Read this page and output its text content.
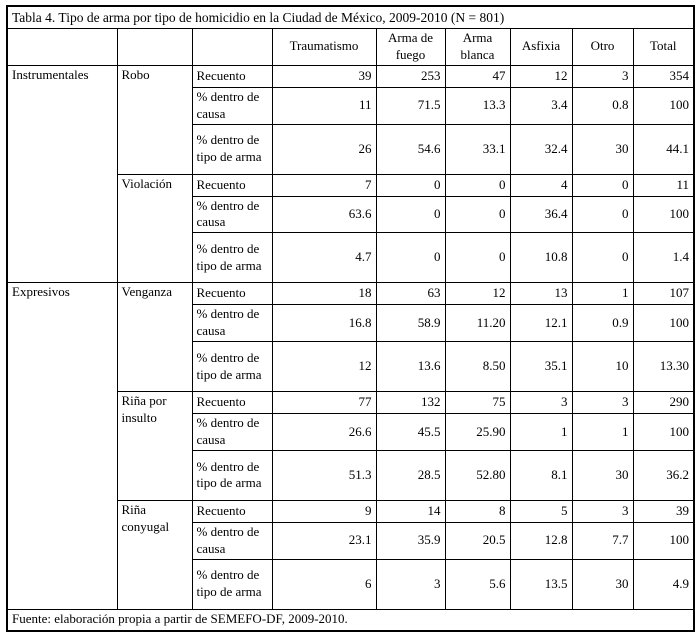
Tabla 4. Tipo de arma por tipo de homicidio en la Ciudad de México, 2009-2010 (N = 801)								
			Traumatismo	Arma de fuego	Arma blanca	Asfixia	Otro	Total
Instrumentales	Robo	Recuento	39	253	47	12	3	354
		% dentro de causa	11	71.5	13.3	3.4	0.8	100
		% dentro de tipo de arma	26	54.6	33.1	32.4	30	44.1
	Violación	Recuento	7	0	0	4	0	11
		% dentro de causa	63.6	0	0	36.4	0	100
		% dentro de tipo de arma	4.7	0	0	10.8	0	1.4
Expresivos	Venganza	Recuento	18	63	12	13	1	107
		% dentro de causa	16.8	58.9	11.20	12.1	0.9	100
		% dentro de tipo de arma	12	13.6	8.50	35.1	10	13.30
	Riña por insulto	Recuento	77	132	75	3	3	290
		% dentro de causa	26.6	45.5	25.90	1	1	100
		% dentro de tipo de arma	51.3	28.5	52.80	8.1	30	36.2
	Riña conyugal	Recuento	9	14	8	5	3	39
		% dentro de causa	23.1	35.9	20.5	12.8	7.7	100
		% dentro de tipo de arma	6	3	5.6	13.5	30	4.9
Fuente: elaboración propia a partir de SEMEFO-DF, 2009-2010.								
